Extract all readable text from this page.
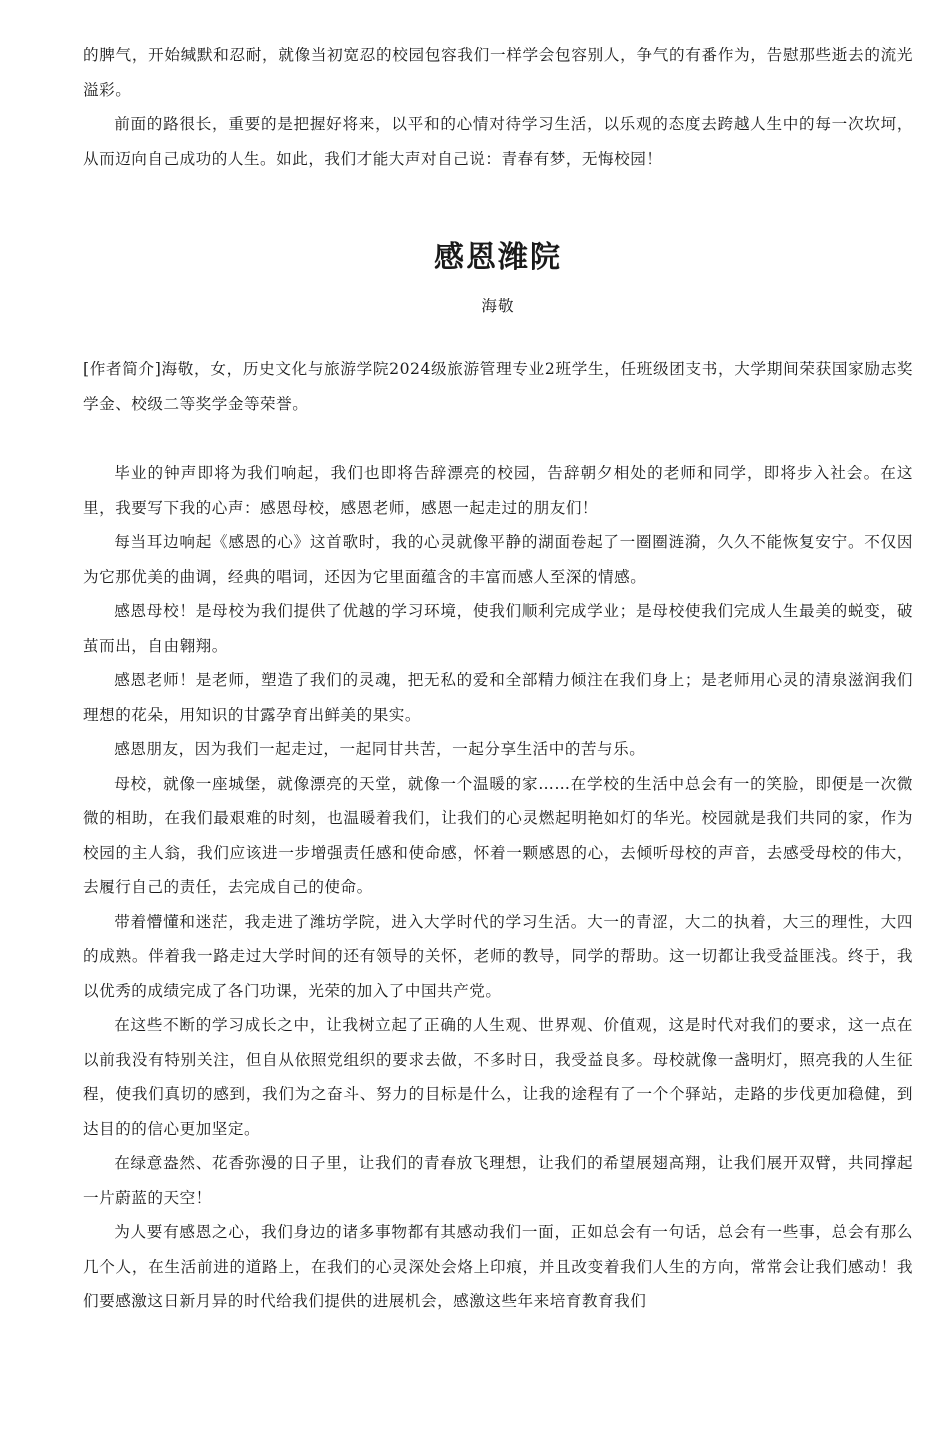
的脾气，开始缄默和忍耐，就像当初宽忍的校园包容我们一样学会包容别人，争气的有番作为，告慰那些逝去的流光溢彩。

前面的路很长，重要的是把握好将来，以平和的心情对待学习生活，以乐观的态度去跨越人生中的每一次坎坷，从而迈向自己成功的人生。如此，我们才能大声对自己说：青春有梦，无悔校园！

感恩潍院

海敬

[作者简介]海敬，女，历史文化与旅游学院2024级旅游管理专业2班学生，任班级团支书，大学期间荣获国家励志奖学金、校级二等奖学金等荣誉。

毕业的钟声即将为我们响起，我们也即将告辞漂亮的校园，告辞朝夕相处的老师和同学，即将步入社会。在这里，我要写下我的心声：感恩母校，感恩老师，感恩一起走过的朋友们！

每当耳边响起《感恩的心》这首歌时，我的心灵就像平静的湖面卷起了一圈圈涟漪，久久不能恢复安宁。不仅因为它那优美的曲调，经典的唱词，还因为它里面蕴含的丰富而感人至深的情感。

感恩母校！是母校为我们提供了优越的学习环境，使我们顺利完成学业；是母校使我们完成人生最美的蜕变，破茧而出，自由翱翔。

感恩老师！是老师，塑造了我们的灵魂，把无私的爱和全部精力倾注在我们身上；是老师用心灵的清泉滋润我们理想的花朵，用知识的甘露孕育出鲜美的果实。

感恩朋友，因为我们一起走过，一起同甘共苦，一起分享生活中的苦与乐。

母校，就像一座城堡，就像漂亮的天堂，就像一个温暖的家……在学校的生活中总会有一的笑脸，即便是一次微微的相助，在我们最艰难的时刻，也温暖着我们，让我们的心灵燃起明艳如灯的华光。校园就是我们共同的家，作为校园的主人翁，我们应该进一步增强责任感和使命感，怀着一颗感恩的心，去倾听母校的声音，去感受母校的伟大，去履行自己的责任，去完成自己的使命。

带着懵懂和迷茫，我走进了潍坊学院，进入大学时代的学习生活。大一的青涩，大二的执着，大三的理性，大四的成熟。伴着我一路走过大学时间的还有领导的关怀，老师的教导，同学的帮助。这一切都让我受益匪浅。终于，我以优秀的成绩完成了各门功课，光荣的加入了中国共产党。

在这些不断的学习成长之中，让我树立起了正确的人生观、世界观、价值观，这是时代对我们的要求，这一点在以前我没有特别关注，但自从依照党组织的要求去做，不多时日，我受益良多。母校就像一盏明灯，照亮我的人生征程，使我们真切的感到，我们为之奋斗、努力的目标是什么，让我的途程有了一个个驿站，走路的步伐更加稳健，到达目的的信心更加坚定。

在绿意盎然、花香弥漫的日子里，让我们的青春放飞理想，让我们的希望展翅高翔，让我们展开双臂，共同撑起一片蔚蓝的天空！

为人要有感恩之心，我们身边的诸多事物都有其感动我们一面，正如总会有一句话，总会有一些事，总会有那么几个人，在生活前进的道路上，在我们的心灵深处会烙上印痕，并且改变着我们人生的方向，常常会让我们感动！我们要感激这日新月异的时代给我们提供的进展机会，感激这些年来培育教育我们
